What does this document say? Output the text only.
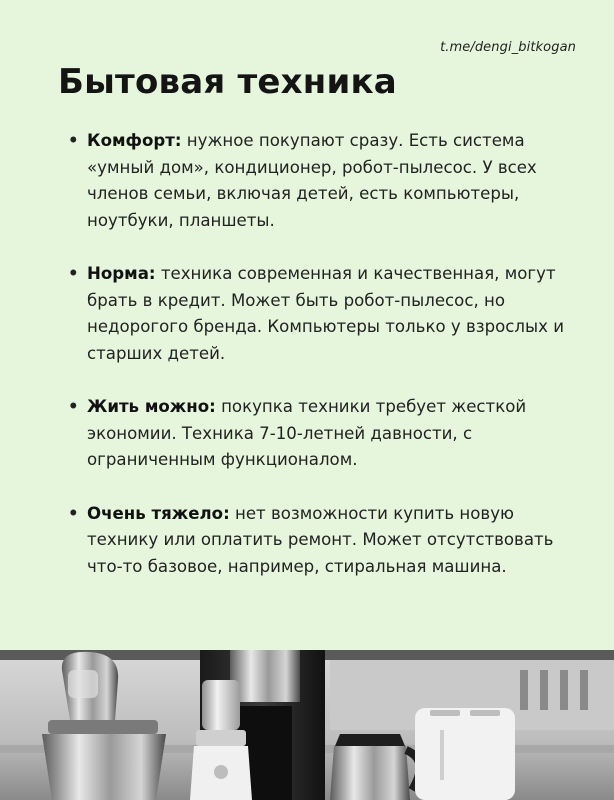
t.me/dengi_bitkogan
Бытовая техника
• Комфорт: нужное покупают сразу. Есть система «умный дом», кондиционер, робот-пылесос. У всех членов семьи, включая детей, есть компьютеры, ноутбуки, планшеты.
• Норма: техника современная и качественная, могут брать в кредит. Может быть робот-пылесос, но недорогого бренда. Компьютеры только у взрослых и старших детей.
• Жить можно: покупка техники требует жесткой экономии. Техника 7-10-летней давности, с ограниченным функционалом.
• Очень тяжело: нет возможности купить новую технику или оплатить ремонт. Может отсутствовать что-то базовое, например, стиральная машина.
